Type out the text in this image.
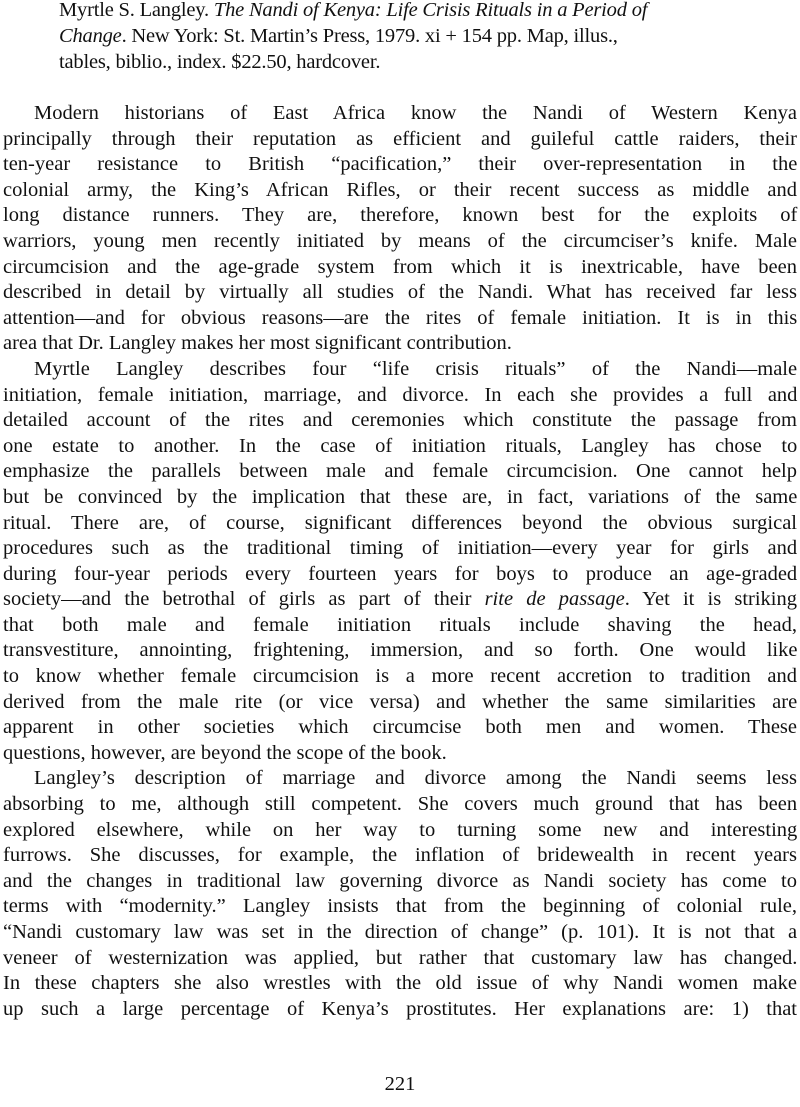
Myrtle S. Langley. The Nandi of Kenya: Life Crisis Rituals in a Period of
Change. New York: St. Martin’s Press, 1979. xi + 154 pp. Map, illus.,
tables, biblio., index. $22.50, hardcover.
Modern historians of East Africa know the Nandi of Western Kenya
principally through their reputation as efficient and guileful cattle raiders, their
ten-year resistance to British “pacification,” their over-representation in the
colonial army, the King’s African Rifles, or their recent success as middle and
long distance runners. They are, therefore, known best for the exploits of
warriors, young men recently initiated by means of the circumciser’s knife. Male
circumcision and the age-grade system from which it is inextricable, have been
described in detail by virtually all studies of the Nandi. What has received far less
attention—and for obvious reasons—are the rites of female initiation. It is in this
area that Dr. Langley makes her most significant contribution.
Myrtle Langley describes four “life crisis rituals” of the Nandi—male
initiation, female initiation, marriage, and divorce. In each she provides a full and
detailed account of the rites and ceremonies which constitute the passage from
one estate to another. In the case of initiation rituals, Langley has chose to
emphasize the parallels between male and female circumcision. One cannot help
but be convinced by the implication that these are, in fact, variations of the same
ritual. There are, of course, significant differences beyond the obvious surgical
procedures such as the traditional timing of initiation—every year for girls and
during four-year periods every fourteen years for boys to produce an age-graded
society—and the betrothal of girls as part of their rite de passage. Yet it is striking
that both male and female initiation rituals include shaving the head,
transvestiture, annointing, frightening, immersion, and so forth. One would like
to know whether female circumcision is a more recent accretion to tradition and
derived from the male rite (or vice versa) and whether the same similarities are
apparent in other societies which circumcise both men and women. These
questions, however, are beyond the scope of the book.
Langley’s description of marriage and divorce among the Nandi seems less
absorbing to me, although still competent. She covers much ground that has been
explored elsewhere, while on her way to turning some new and interesting
furrows. She discusses, for example, the inflation of bridewealth in recent years
and the changes in traditional law governing divorce as Nandi society has come to
terms with “modernity.” Langley insists that from the beginning of colonial rule,
“Nandi customary law was set in the direction of change” (p. 101). It is not that a
veneer of westernization was applied, but rather that customary law has changed.
In these chapters she also wrestles with the old issue of why Nandi women make
up such a large percentage of Kenya’s prostitutes. Her explanations are: 1) that
221
